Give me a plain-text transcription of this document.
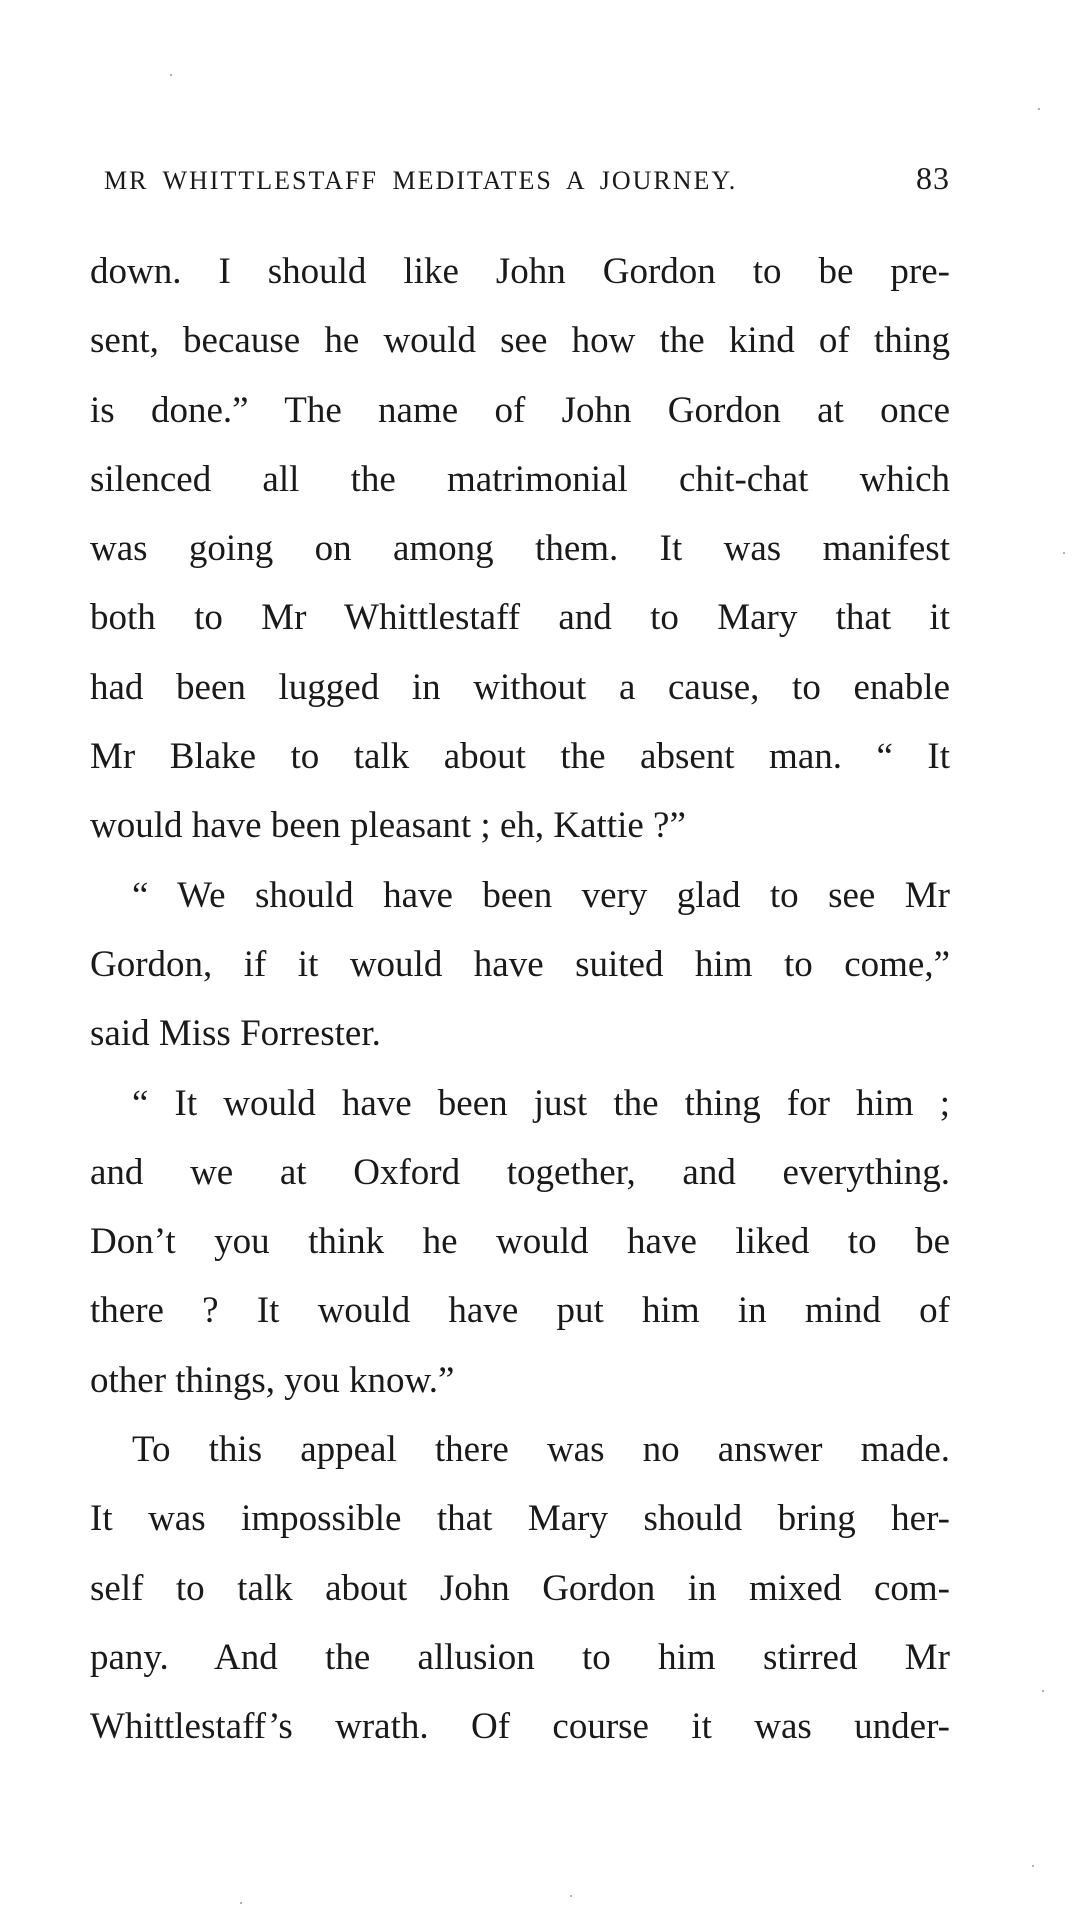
MR WHITTLESTAFF MEDITATES A JOURNEY.	83
down. I should like John Gordon to be pre-
sent, because he would see how the kind of thing
is done.” The name of John Gordon at once
silenced all the matrimonial chit-chat which
was going on among them. It was manifest
both to Mr Whittlestaff and to Mary that it
had been lugged in without a cause, to enable
Mr Blake to talk about the absent man. “ It
would have been pleasant ; eh, Kattie ?”
“ We should have been very glad to see Mr
Gordon, if it would have suited him to come,”
said Miss Forrester.
“ It would have been just the thing for him ;
and we at Oxford together, and everything.
Don’t you think he would have liked to be
there ? It would have put him in mind of
other things, you know.”
To this appeal there was no answer made.
It was impossible that Mary should bring her-
self to talk about John Gordon in mixed com-
pany. And the allusion to him stirred Mr
Whittlestaff’s wrath. Of course it was under-
